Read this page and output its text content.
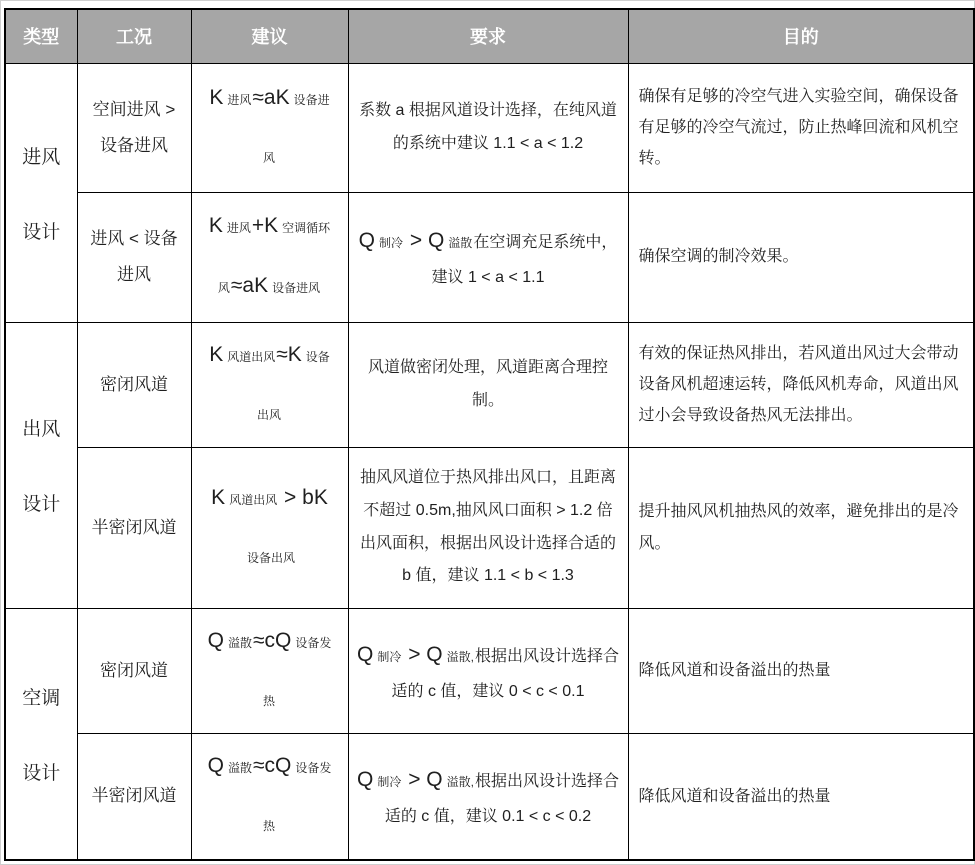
类型	工况	建议	要求	目的

进风
设计	空间进风 > 设备进风	K 进风≈aK 设备进风	系数 a 根据风道设计选择，在纯风道的系统中建议 1.1 < a < 1.2	确保有足够的冷空气进入实验空间，确保设备有足够的冷空气流过，防止热峰回流和风机空转。
	进风 < 设备进风	K 进风+K 空调循环风≈aK 设备进风	Q 制冷 > Q 溢散在空调充足系统中，建议 1 < a < 1.1	确保空调的制冷效果。

出风
设计	密闭风道	K 风道出风≈K 设备出风	风道做密闭处理，风道距离合理控制。	有效的保证热风排出，若风道出风过大会带动设备风机超速运转，降低风机寿命，风道出风过小会导致设备热风无法排出。
	半密闭风道	K 风道出风 > bK设备出风	抽风风道位于热风排出风口，且距离不超过 0.5m,抽风风口面积 > 1.2 倍出风面积，根据出风设计选择合适的 b 值，建议 1.1 < b < 1.3	提升抽风风机抽热风的效率，避免排出的是冷风。

空调
设计	密闭风道	Q 溢散≈cQ 设备发热	Q 制冷 > Q 溢散,根据出风设计选择合适的 c 值，建议 0 < c < 0.1	降低风道和设备溢出的热量
	半密闭风道	Q 溢散≈cQ 设备发热	Q 制冷 > Q 溢散,根据出风设计选择合适的 c 值，建议 0.1 < c < 0.2	降低风道和设备溢出的热量
